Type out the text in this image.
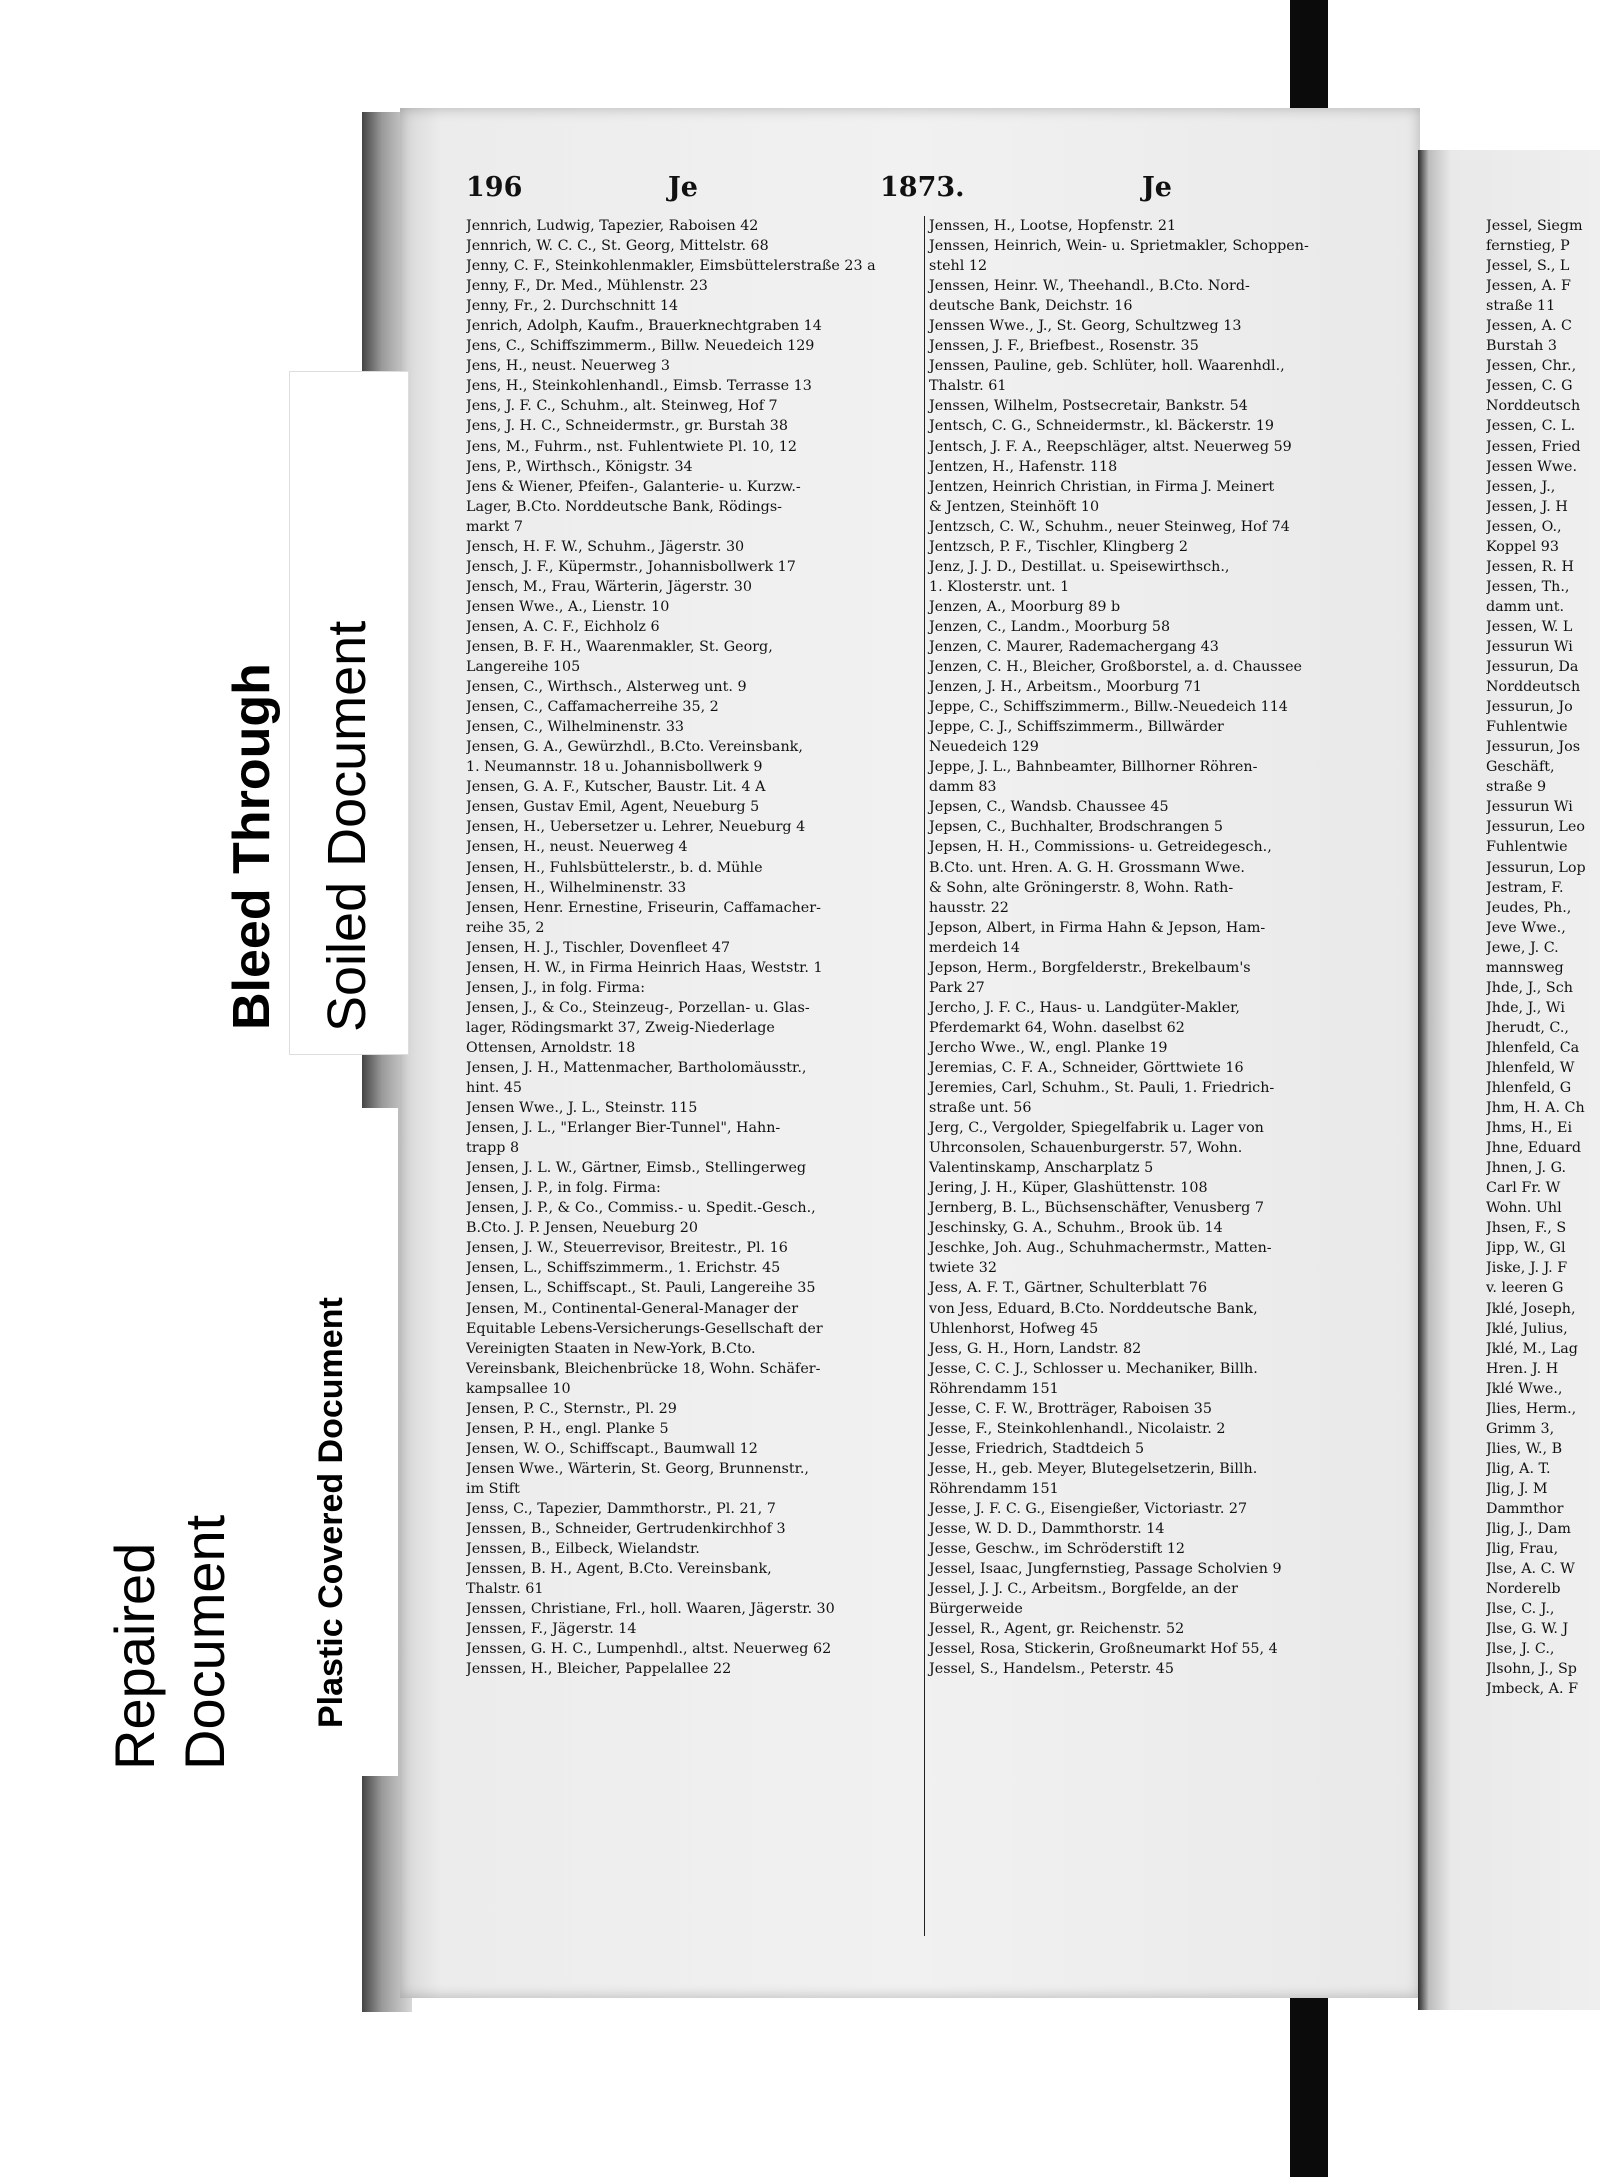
196	Je	1873.	Je
Jennrich, Ludwig, Tapezier, Raboisen 42
Jennrich, W. C. C., St. Georg, Mittelstr. 68
Jenny, C. F., Steinkohlenmakler, Eimsbüttelerstraße 23 a
Jenny, F., Dr. Med., Mühlenstr. 23
Jenny, Fr., 2. Durchschnitt 14
Jenrich, Adolph, Kaufm., Brauerknechtgraben 14
Jens, C., Schiffszimmerm., Billw. Neuedeich 129
Jens, H., neust. Neuerweg 3
Jens, H., Steinkohlenhandl., Eimsb. Terrasse 13
Jens, J. F. C., Schuhm., alt. Steinweg, Hof 7
Jens, J. H. C., Schneidermstr., gr. Burstah 38
Jens, M., Fuhrm., nst. Fuhlentwiete Pl. 10, 12
Jens, P., Wirthsch., Königstr. 34
Jens & Wiener, Pfeifen-, Galanterie- u. Kurzw.-
Lager, B.Cto. Norddeutsche Bank, Rödings-
markt 7
Jensch, H. F. W., Schuhm., Jägerstr. 30
Jensch, J. F., Küpermstr., Johannisbollwerk 17
Jensch, M., Frau, Wärterin, Jägerstr. 30
Jensen Wwe., A., Lienstr. 10
Jensen, A. C. F., Eichholz 6
Jensen, B. F. H., Waarenmakler, St. Georg,
Langereihe 105
Jensen, C., Wirthsch., Alsterweg unt. 9
Jensen, C., Caffamacherreihe 35, 2
Jensen, C., Wilhelminenstr. 33
Jensen, G. A., Gewürzhdl., B.Cto. Vereinsbank,
1. Neumannstr. 18 u. Johannisbollwerk 9
Jensen, G. A. F., Kutscher, Baustr. Lit. 4 A
Jensen, Gustav Emil, Agent, Neueburg 5
Jensen, H., Uebersetzer u. Lehrer, Neueburg 4
Jensen, H., neust. Neuerweg 4
Jensen, H., Fuhlsbüttelerstr., b. d. Mühle
Jensen, H., Wilhelminenstr. 33
Jensen, Henr. Ernestine, Friseurin, Caffamacher-
reihe 35, 2
Jensen, H. J., Tischler, Dovenfleet 47
Jensen, H. W., in Firma Heinrich Haas, Weststr. 1
Jensen, J., in folg. Firma:
Jensen, J., & Co., Steinzeug-, Porzellan- u. Glas-
lager, Rödingsmarkt 37, Zweig-Niederlage
Ottensen, Arnoldstr. 18
Jensen, J. H., Mattenmacher, Bartholomäusstr.,
hint. 45
Jensen Wwe., J. L., Steinstr. 115
Jensen, J. L., "Erlanger Bier-Tunnel", Hahn-
trapp 8
Jensen, J. L. W., Gärtner, Eimsb., Stellingerweg
Jensen, J. P., in folg. Firma:
Jensen, J. P., & Co., Commiss.- u. Spedit.-Gesch.,
B.Cto. J. P. Jensen, Neueburg 20
Jensen, J. W., Steuerrevisor, Breitestr., Pl. 16
Jensen, L., Schiffszimmerm., 1. Erichstr. 45
Jensen, L., Schiffscapt., St. Pauli, Langereihe 35
Jensen, M., Continental-General-Manager der
Equitable Lebens-Versicherungs-Gesellschaft der
Vereinigten Staaten in New-York, B.Cto.
Vereinsbank, Bleichenbrücke 18, Wohn. Schäfer-
kampsallee 10
Jensen, P. C., Sternstr., Pl. 29
Jensen, P. H., engl. Planke 5
Jensen, W. O., Schiffscapt., Baumwall 12
Jensen Wwe., Wärterin, St. Georg, Brunnenstr.,
im Stift
Jenss, C., Tapezier, Dammthorstr., Pl. 21, 7
Jenssen, B., Schneider, Gertrudenkirchhof 3
Jenssen, B., Eilbeck, Wielandstr.
Jenssen, B. H., Agent, B.Cto. Vereinsbank,
Thalstr. 61
Jenssen, Christiane, Frl., holl. Waaren, Jägerstr. 30
Jenssen, F., Jägerstr. 14
Jenssen, G. H. C., Lumpenhdl., altst. Neuerweg 62
Jenssen, H., Bleicher, Pappelallee 22
Jenssen, H., Lootse, Hopfenstr. 21
Jenssen, Heinrich, Wein- u. Sprietmakler, Schoppen-
stehl 12
Jenssen, Heinr. W., Theehandl., B.Cto. Nord-
deutsche Bank, Deichstr. 16
Jenssen Wwe., J., St. Georg, Schultzweg 13
Jenssen, J. F., Briefbest., Rosenstr. 35
Jenssen, Pauline, geb. Schlüter, holl. Waarenhdl.,
Thalstr. 61
Jenssen, Wilhelm, Postsecretair, Bankstr. 54
Jentsch, C. G., Schneidermstr., kl. Bäckerstr. 19
Jentsch, J. F. A., Reepschläger, altst. Neuerweg 59
Jentzen, H., Hafenstr. 118
Jentzen, Heinrich Christian, in Firma J. Meinert
& Jentzen, Steinhöft 10
Jentzsch, C. W., Schuhm., neuer Steinweg, Hof 74
Jentzsch, P. F., Tischler, Klingberg 2
Jenz, J. J. D., Destillat. u. Speisewirthsch.,
1. Klosterstr. unt. 1
Jenzen, A., Moorburg 89 b
Jenzen, C., Landm., Moorburg 58
Jenzen, C. Maurer, Rademachergang 43
Jenzen, C. H., Bleicher, Großborstel, a. d. Chaussee
Jenzen, J. H., Arbeitsm., Moorburg 71
Jeppe, C., Schiffszimmerm., Billw.-Neuedeich 114
Jeppe, C. J., Schiffszimmerm., Billwärder
Neuedeich 129
Jeppe, J. L., Bahnbeamter, Billhorner Röhren-
damm 83
Jepsen, C., Wandsb. Chaussee 45
Jepsen, C., Buchhalter, Brodschrangen 5
Jepsen, H. H., Commissions- u. Getreidegesch.,
B.Cto. unt. Hren. A. G. H. Grossmann Wwe.
& Sohn, alte Gröningerstr. 8, Wohn. Rath-
hausstr. 22
Jepson, Albert, in Firma Hahn & Jepson, Ham-
merdeich 14
Jepson, Herm., Borgfelderstr., Brekelbaum's
Park 27
Jercho, J. F. C., Haus- u. Landgüter-Makler,
Pferdemarkt 64, Wohn. daselbst 62
Jercho Wwe., W., engl. Planke 19
Jeremias, C. F. A., Schneider, Görttwiete 16
Jeremies, Carl, Schuhm., St. Pauli, 1. Friedrich-
straße unt. 56
Jerg, C., Vergolder, Spiegelfabrik u. Lager von
Uhrconsolen, Schauenburgerstr. 57, Wohn.
Valentinskamp, Anscharplatz 5
Jering, J. H., Küper, Glashüttenstr. 108
Jernberg, B. L., Büchsenschäfter, Venusberg 7
Jeschinsky, G. A., Schuhm., Brook üb. 14
Jeschke, Joh. Aug., Schuhmachermstr., Matten-
twiete 32
Jess, A. F. T., Gärtner, Schulterblatt 76
von Jess, Eduard, B.Cto. Norddeutsche Bank,
Uhlenhorst, Hofweg 45
Jess, G. H., Horn, Landstr. 82
Jesse, C. C. J., Schlosser u. Mechaniker, Billh.
Röhrendamm 151
Jesse, C. F. W., Brotträger, Raboisen 35
Jesse, F., Steinkohlenhandl., Nicolaistr. 2
Jesse, Friedrich, Stadtdeich 5
Jesse, H., geb. Meyer, Blutegelsetzerin, Billh.
Röhrendamm 151
Jesse, J. F. C. G., Eisengießer, Victoriastr. 27
Jesse, W. D. D., Dammthorstr. 14
Jesse, Geschw., im Schröderstift 12
Jessel, Isaac, Jungfernstieg, Passage Scholvien 9
Jessel, J. J. C., Arbeitsm., Borgfelde, an der
Bürgerweide
Jessel, R., Agent, gr. Reichenstr. 52
Jessel, Rosa, Stickerin, Großneumarkt Hof 55, 4
Jessel, S., Handelsm., Peterstr. 45
Jessel, Siegm
fernstieg, P
Jessel, S., L
Jessen, A. F
straße 11
Jessen, A. C
Burstah 3
Jessen, Chr.,
Jessen, C. G
Norddeutsch
Jessen, C. L.
Jessen, Fried
Jessen Wwe.
Jessen, J.,
Jessen, J. H
Jessen, O.,
Koppel 93
Jessen, R. H
Jessen, Th.,
damm unt.
Jessen, W. L
Jessurun Wi
Jessurun, Da
Norddeutsch
Jessurun, Jo
Fuhlentwie
Jessurun, Jos
Geschäft,
straße 9
Jessurun Wi
Jessurun, Leo
Fuhlentwie
Jessurun, Lop
Jestram, F.
Jeudes, Ph.,
Jeve Wwe.,
Jewe, J. C.
mannsweg
Jhde, J., Sch
Jhde, J., Wi
Jherudt, C.,
Jhlenfeld, Ca
Jhlenfeld, W
Jhlenfeld, G
Jhm, H. A. Ch
Jhms, H., Ei
Jhne, Eduard
Jhnen, J. G.
Carl Fr. W
Wohn. Uhl
Jhsen, F., S
Jipp, W., Gl
Jiske, J. J. F
v. leeren G
Jklé, Joseph,
Jklé, Julius,
Jklé, M., Lag
Hren. J. H
Jklé Wwe.,
Jlies, Herm.,
Grimm 3,
Jlies, W., B
Jlig, A. T.
Jlig, J. M
Dammthor
Jlig, J., Dam
Jlig, Frau,
Jlse, A. C. W
Norderelb
Jlse, C. J.,
Jlse, G. W. J
Jlse, J. C.,
Jlsohn, J., Sp
Jmbeck, A. F
Bleed Through Soiled Document
Plastic Covered Document
Repaired Document
